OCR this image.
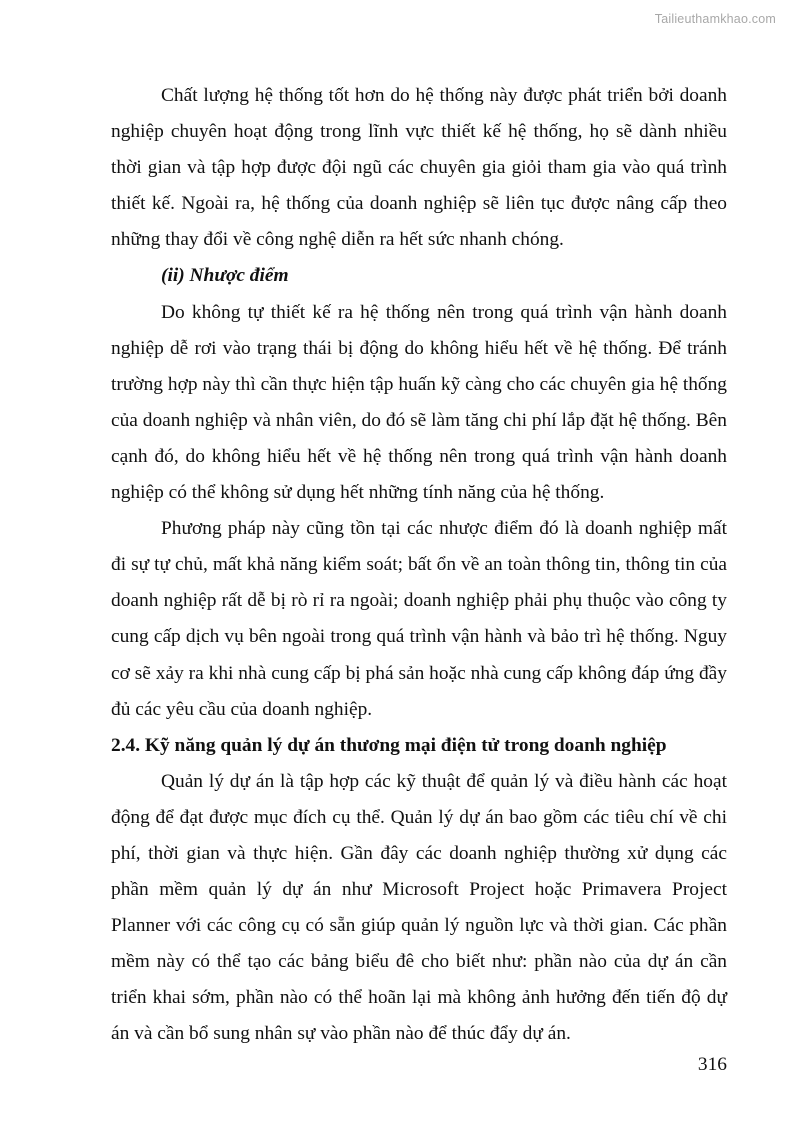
Tailieuthamkhao.com

Chất lượng hệ thống tốt hơn do hệ thống này được phát triển bởi doanh nghiệp chuyên hoạt động trong lĩnh vực thiết kế hệ thống, họ sẽ dành nhiều thời gian và tập hợp được đội ngũ các chuyên gia giỏi tham gia vào quá trình thiết kế. Ngoài ra, hệ thống của doanh nghiệp sẽ liên tục được nâng cấp theo những thay đổi về công nghệ diễn ra hết sức nhanh chóng.

(ii) Nhược điểm

Do không tự thiết kế ra hệ thống nên trong quá trình vận hành doanh nghiệp dễ rơi vào trạng thái bị động do không hiểu hết về hệ thống. Để tránh trường hợp này thì cần thực hiện tập huấn kỹ càng cho các chuyên gia hệ thống của doanh nghiệp và nhân viên, do đó sẽ làm tăng chi phí lắp đặt hệ thống. Bên cạnh đó, do không hiểu hết về hệ thống nên trong quá trình vận hành doanh nghiệp có thể không sử dụng hết những tính năng của hệ thống.

Phương pháp này cũng tồn tại các nhược điểm đó là doanh nghiệp mất đi sự tự chủ, mất khả năng kiểm soát; bất ổn về an toàn thông tin, thông tin của doanh nghiệp rất dễ bị rò rỉ ra ngoài; doanh nghiệp phải phụ thuộc vào công ty cung cấp dịch vụ bên ngoài trong quá trình vận hành và bảo trì hệ thống. Nguy cơ sẽ xảy ra khi nhà cung cấp bị phá sản hoặc nhà cung cấp không đáp ứng đầy đủ các yêu cầu của doanh nghiệp.

2.4. Kỹ năng quản lý dự án thương mại điện tử trong doanh nghiệp

Quản lý dự án là tập hợp các kỹ thuật để quản lý và điều hành các hoạt động để đạt được mục đích cụ thể. Quản lý dự án bao gồm các tiêu chí về chi phí, thời gian và thực hiện. Gần đây các doanh nghiệp thường xử dụng các phần mềm quản lý dự án như Microsoft Project hoặc Primavera Project Planner với các công cụ có sẵn giúp quản lý nguồn lực và thời gian. Các phần mềm này có thể tạo các bảng biểu đê cho biết như: phần nào của dự án cần triển khai sớm, phần nào có thể hoãn lại mà không ảnh hưởng đến tiến độ dự án và cần bổ sung nhân sự vào phần nào để thúc đẩy dự án.

316
